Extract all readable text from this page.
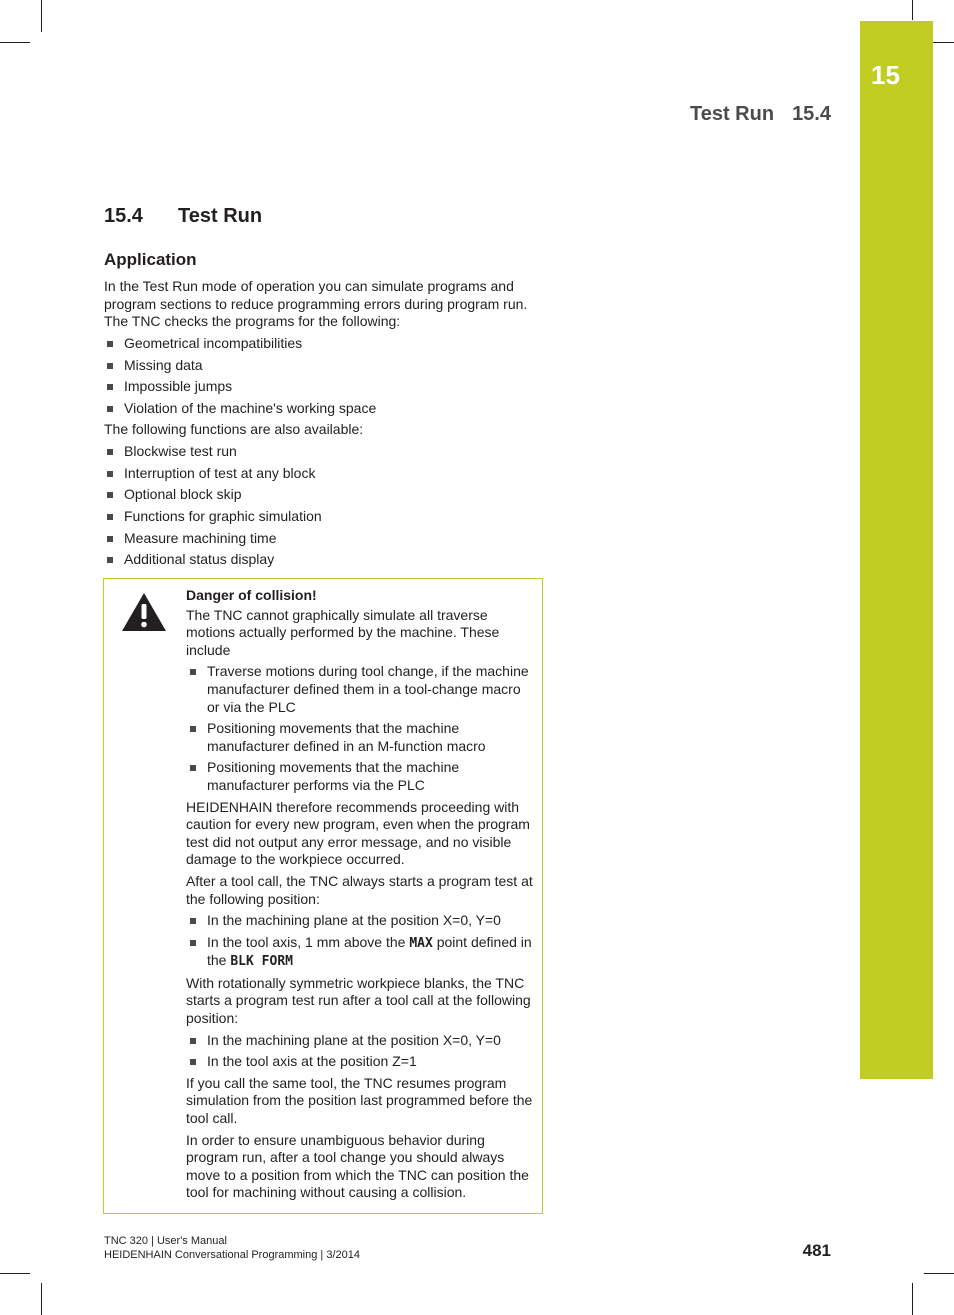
15
Test Run 15.4
15.4 Test Run
Application
In the Test Run mode of operation you can simulate programs and program sections to reduce programming errors during program run. The TNC checks the programs for the following:
Geometrical incompatibilities
Missing data
Impossible jumps
Violation of the machine's working space
The following functions are also available:
Blockwise test run
Interruption of test at any block
Optional block skip
Functions for graphic simulation
Measure machining time
Additional status display

Danger of collision!

The TNC cannot graphically simulate all traverse motions actually performed by the machine. These include

Traverse motions during tool change, if the machine manufacturer defined them in a tool-change macro or via the PLC
Positioning movements that the machine manufacturer defined in an M-function macro
Positioning movements that the machine manufacturer performs via the PLC

HEIDENHAIN therefore recommends proceeding with caution for every new program, even when the program test did not output any error message, and no visible damage to the workpiece occurred.

After a tool call, the TNC always starts a program test at the following position:

In the machining plane at the position X=0, Y=0
In the tool axis, 1 mm above the MAX point defined in the BLK FORM

With rotationally symmetric workpiece blanks, the TNC starts a program test run after a tool call at the following position:

In the machining plane at the position X=0, Y=0
In the tool axis at the position Z=1

If you call the same tool, the TNC resumes program simulation from the position last programmed before the tool call.

In order to ensure unambiguous behavior during program run, after a tool change you should always move to a position from which the TNC can position the tool for machining without causing a collision.

TNC 320 | User's Manual
HEIDENHAIN Conversational Programming | 3/2014	481
